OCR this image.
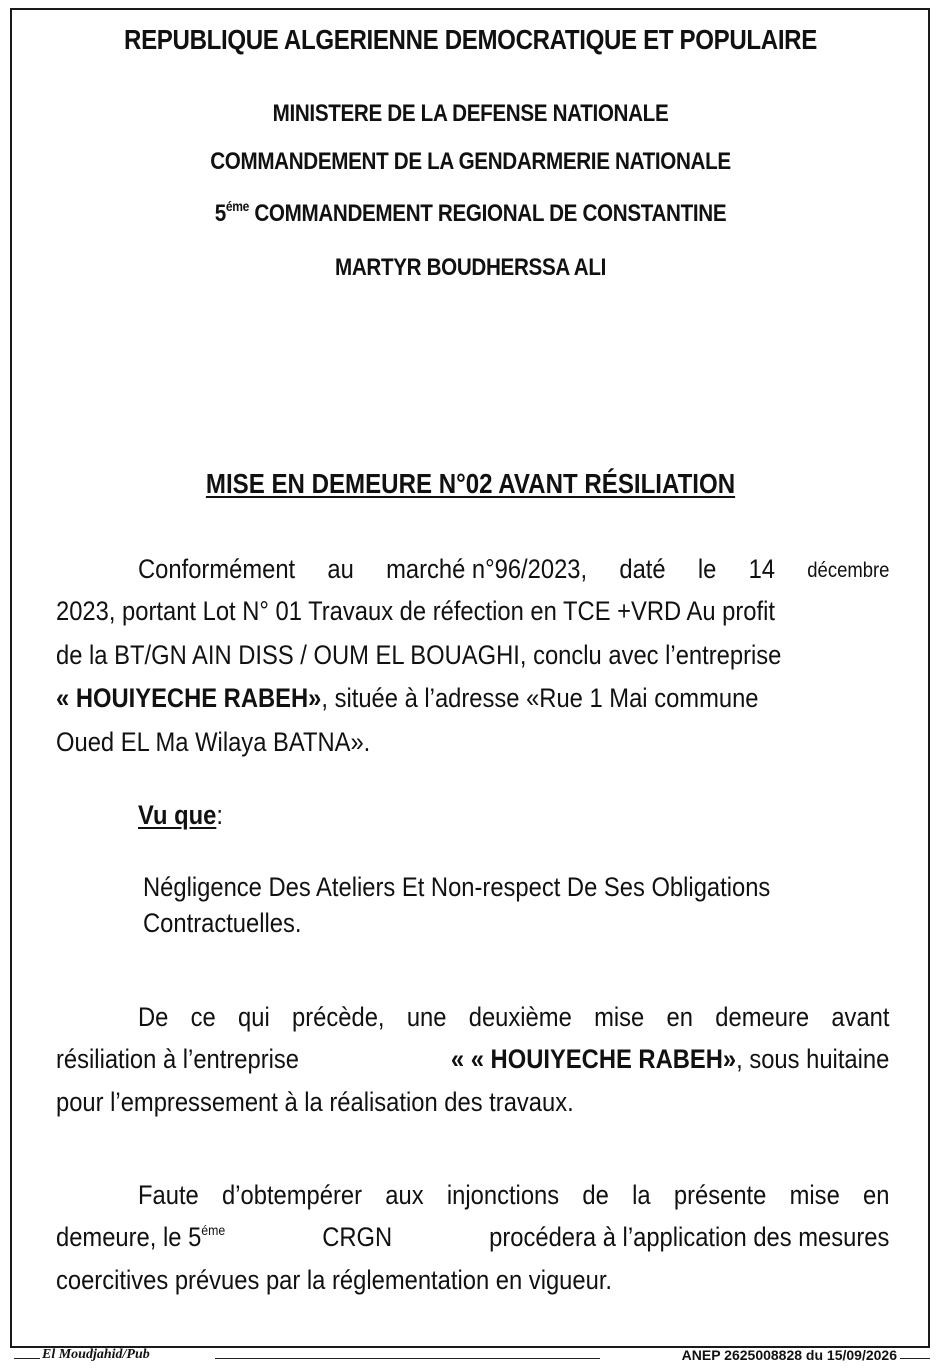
REPUBLIQUE ALGERIENNE DEMOCRATIQUE ET POPULAIRE
MINISTERE DE LA DEFENSE NATIONALE
COMMANDEMENT DE LA GENDARMERIE NATIONALE
$5^{éme}$ COMMANDEMENT REGIONAL DE CONSTANTINE
MARTYR BOUDHERSSA ALI
MISE EN DEMEURE N°02 AVANT RÉSILIATION
Conformément au marché n°96/2023, daté le 14 décembre
2023, portant Lot N° 01 Travaux de réfection en TCE +VRD Au profit
de la BT/GN AIN DISS / OUM EL BOUAGHI, conclu avec l’entreprise
« HOUIYECHE RABEH», située à l’adresse «Rue 1 Mai commune
Oued EL Ma Wilaya BATNA».
Vu que:
Négligence Des Ateliers Et Non-respect De Ses Obligations
Contractuelles.
De ce qui précède, une deuxième mise en demeure avant
résiliation à l’entreprise	« « HOUIYECHE RABEH», sous huitaine
pour l’empressement à la réalisation des travaux.
Faute d’obtempérer aux injonctions de la présente mise en
demeure, le $5^{éme}$	CRGN	procédera à l’application des mesures
coercitives prévues par la réglementation en vigueur.
El Moudjahid/Pub	ANEP 2625008828 du 15/09/2026
